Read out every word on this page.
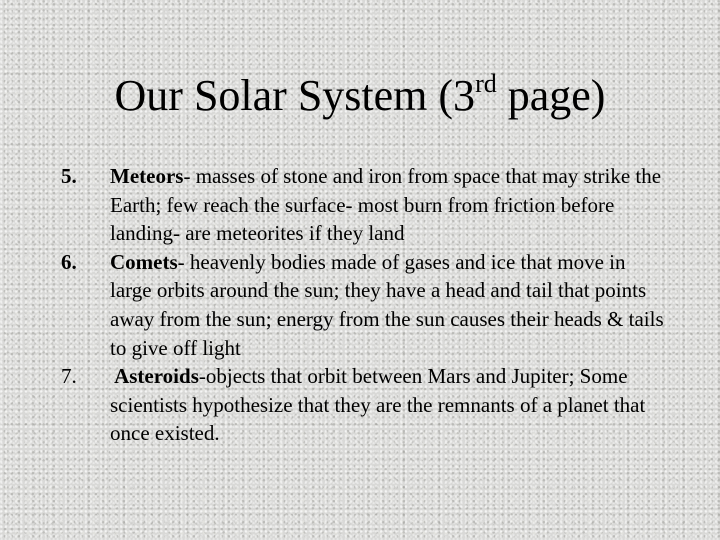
Our Solar System (3rd page)
5.	Meteors- masses of stone and iron from space that may strike the Earth; few reach the surface- most burn from friction before landing- are meteorites if they land
6.	Comets- heavenly bodies made of gases and ice that move in large orbits around the sun; they have a head and tail that points away from the sun; energy from the sun causes their heads & tails to give off light
7.	Asteroids-objects that orbit between Mars and Jupiter; Some scientists hypothesize that they are the remnants of a planet that once existed.
